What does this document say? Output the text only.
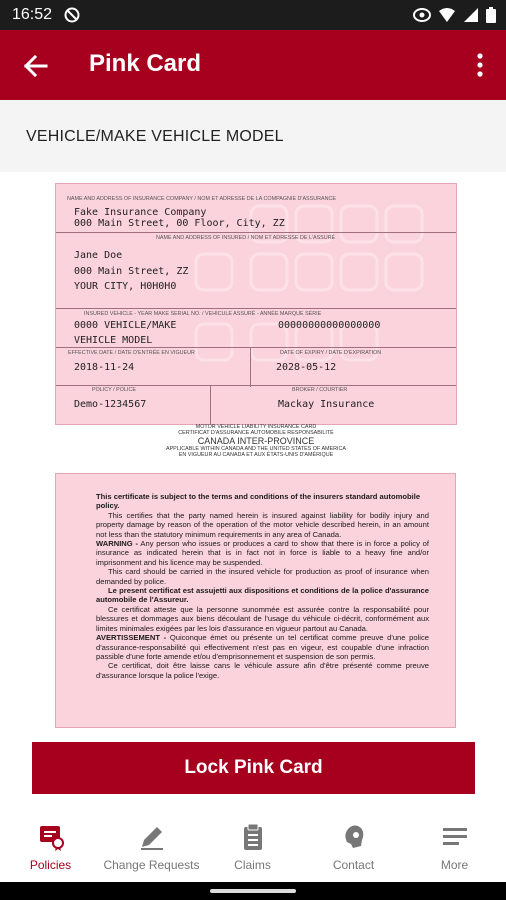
16:52
Pink Card
VEHICLE/MAKE VEHICLE MODEL
NAME AND ADDRESS OF INSURANCE COMPANY / NOM ET ADRESSE DE LA COMPAGNIE D'ASSURANCE
Fake Insurance Company
000 Main Street, 00 Floor, City, ZZ
NAME AND ADDRESS OF INSURED / NOM ET ADRESSE DE L'ASSURÉ
Jane Doe
000 Main Street, ZZ
YOUR CITY, H0H0H0
INSURED VEHICLE - YEAR MAKE SERIAL NO. / VEHICULE ASSURÉ - ANNÉE MARQUE SÉRIE
0000 VEHICLE/MAKE	00000000000000000
VEHICLE MODEL
EFFECTIVE DATE / DATE D'ENTRÉE EN VIGUEUR
2018-11-24
DATE OF EXPIRY / DATE D'EXPIRATION
2028-05-12
POLICY / POLICE
Demo-1234567
BROKER / COURTIER
Mackay Insurance
MOTOR VEHICLE LIABILITY INSURANCE CARD
CERTIFICAT D'ASSURANCE AUTOMOBILE RESPONSABILITÉ
CANADA INTER-PROVINCE
APPLICABLE WITHIN CANADA AND THE UNITED STATES OF AMERICA
EN VIGUEUR AU CANADA ET AUX ÉTATS-UNIS D'AMÉRIQUE

This certificate is subject to the terms and conditions of the insurers standard automobile policy.

This certifies that the party named herein is insured against liability for bodily injury and property damage by reason of the operation of the motor vehicle described herein, in an amount not less than the statutory minimum requirements in any area of Canada.

WARNING - Any person who issues or produces a card to show that there is in force a policy of insurance as indicated herein that is in fact not in force is liable to a heavy fine and/or imprisonment and his licence may be suspended.

This card should be carried in the insured vehicle for production as proof of insurance when demanded by police.

Le present certificat est assujetti aux dispositions et conditions de la police d'assurance automobile de l'Assureur.

Ce certificat atteste que la personne sunommée est assurée contre la responsabilité pour blessures et dommages aux biens découlant de l'usage du véhicule ci-décrit, conformément aux limites minimales exigées par les lois d'assurance en vigueur partout au Canada.

AVERTISSEMENT - Quiconque émet ou présente un tel certificat comme preuve d'une police d'assurance-responsabilité qui effectivement n'est pas en vigeur, est coupable d'une infraction passible d'une forte amende et/ou d'emprisonnement et suspension de son permis.

Ce certificat, doit être laisse cans le véhicule assure afin d'être présenté comme preuve d'assurance lorsque la police l'exige.

Lock Pink Card
Policies	Change Requests	Claims	Contact	More
